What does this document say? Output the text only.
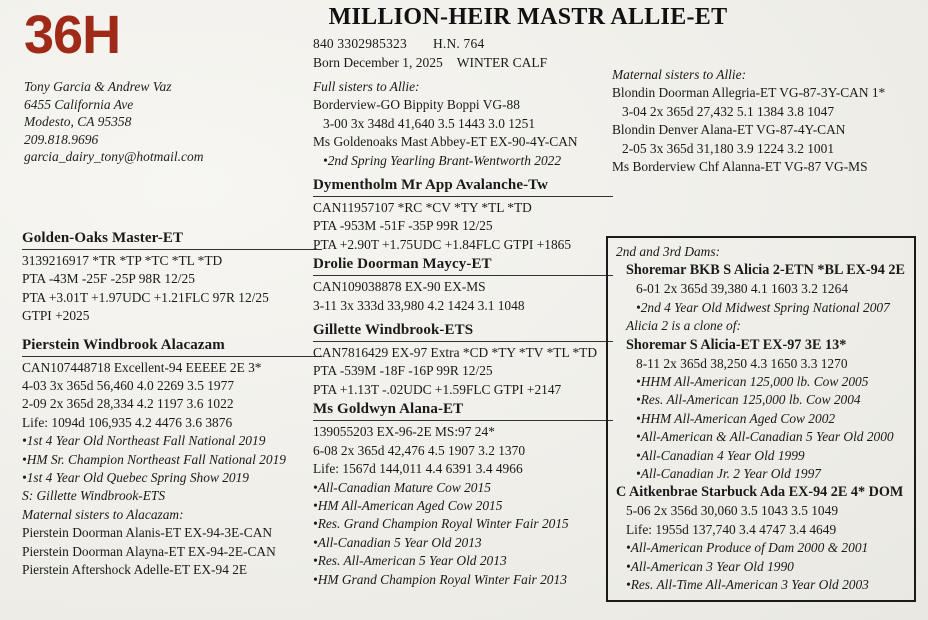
36H
Tony Garcia & Andrew Vaz
6455 California Ave
Modesto, CA 95358
209.818.9696
garcia_dairy_tony@hotmail.com
MILLION-HEIR MASTR ALLIE-ET
840 3302985323 H.N. 764
Born December 1, 2025 WINTER CALF
Golden-Oaks Master-ET
3139216917 *TR *TP *TC *TL *TD
PTA -43M -25F -25P 98R 12/25
PTA +3.01T +1.97UDC +1.21FLC 97R 12/25
GTPI +2025
Pierstein Windbrook Alacazam
CAN107448718 Excellent-94 EEEEE 2E 3*
4-03 3x 365d 56,460 4.0 2269 3.5 1977
2-09 2x 365d 28,334 4.2 1197 3.6 1022
Life: 1094d 106,935 4.2 4476 3.6 3876
•1st 4 Year Old Northeast Fall National 2019
•HM Sr. Champion Northeast Fall National 2019
•1st 4 Year Old Quebec Spring Show 2019
S: Gillette Windbrook-ETS
Maternal sisters to Alacazam:
Pierstein Doorman Alanis-ET EX-94-3E-CAN
Pierstein Doorman Alayna-ET EX-94-2E-CAN
Pierstein Aftershock Adelle-ET EX-94 2E
Full sisters to Allie:
Borderview-GO Bippity Boppi VG-88
3-00 3x 348d 41,640 3.5 1443 3.0 1251
Ms Goldenoaks Mast Abbey-ET EX-90-4Y-CAN
•2nd Spring Yearling Brant-Wentworth 2022
Dymentholm Mr App Avalanche-Tw
CAN11957107 *RC *CV *TY *TL *TD
PTA -953M -51F -35P 99R 12/25
PTA +2.90T +1.75UDC +1.84FLC GTPI +1865
Drolie Doorman Maycy-ET
CAN109038878 EX-90 EX-MS
3-11 3x 333d 33,980 4.2 1424 3.1 1048
Gillette Windbrook-ETS
CAN7816429 EX-97 Extra *CD *TY *TV *TL *TD
PTA -539M -18F -16P 99R 12/25
PTA +1.13T -.02UDC +1.59FLC GTPI +2147
Ms Goldwyn Alana-ET
139055203 EX-96-2E MS:97 24*
6-08 2x 365d 42,476 4.5 1907 3.2 1370
Life: 1567d 144,011 4.4 6391 3.4 4966
•All-Canadian Mature Cow 2015
•HM All-American Aged Cow 2015
•Res. Grand Champion Royal Winter Fair 2015
•All-Canadian 5 Year Old 2013
•Res. All-American 5 Year Old 2013
•HM Grand Champion Royal Winter Fair 2013
Maternal sisters to Allie:
Blondin Doorman Allegria-ET VG-87-3Y-CAN 1*
3-04 2x 365d 27,432 5.1 1384 3.8 1047
Blondin Denver Alana-ET VG-87-4Y-CAN
2-05 3x 365d 31,180 3.9 1224 3.2 1001
Ms Borderview Chf Alanna-ET VG-87 VG-MS
2nd and 3rd Dams:
Shoremar BKB S Alicia 2-ETN *BL EX-94 2E
6-01 2x 365d 39,380 4.1 1603 3.2 1264
•2nd 4 Year Old Midwest Spring National 2007
Alicia 2 is a clone of:
Shoremar S Alicia-ET EX-97 3E 13*
8-11 2x 365d 38,250 4.3 1650 3.3 1270
•HHM All-American 125,000 lb. Cow 2005
•Res. All-American 125,000 lb. Cow 2004
•HHM All-American Aged Cow 2002
•All-American & All-Canadian 5 Year Old 2000
•All-Canadian 4 Year Old 1999
•All-Canadian Jr. 2 Year Old 1997
C Aitkenbrae Starbuck Ada EX-94 2E 4* DOM
5-06 2x 356d 30,060 3.5 1043 3.5 1049
Life: 1955d 137,740 3.4 4747 3.4 4649
•All-American Produce of Dam 2000 & 2001
•All-American 3 Year Old 1990
•Res. All-Time All-American 3 Year Old 2003
